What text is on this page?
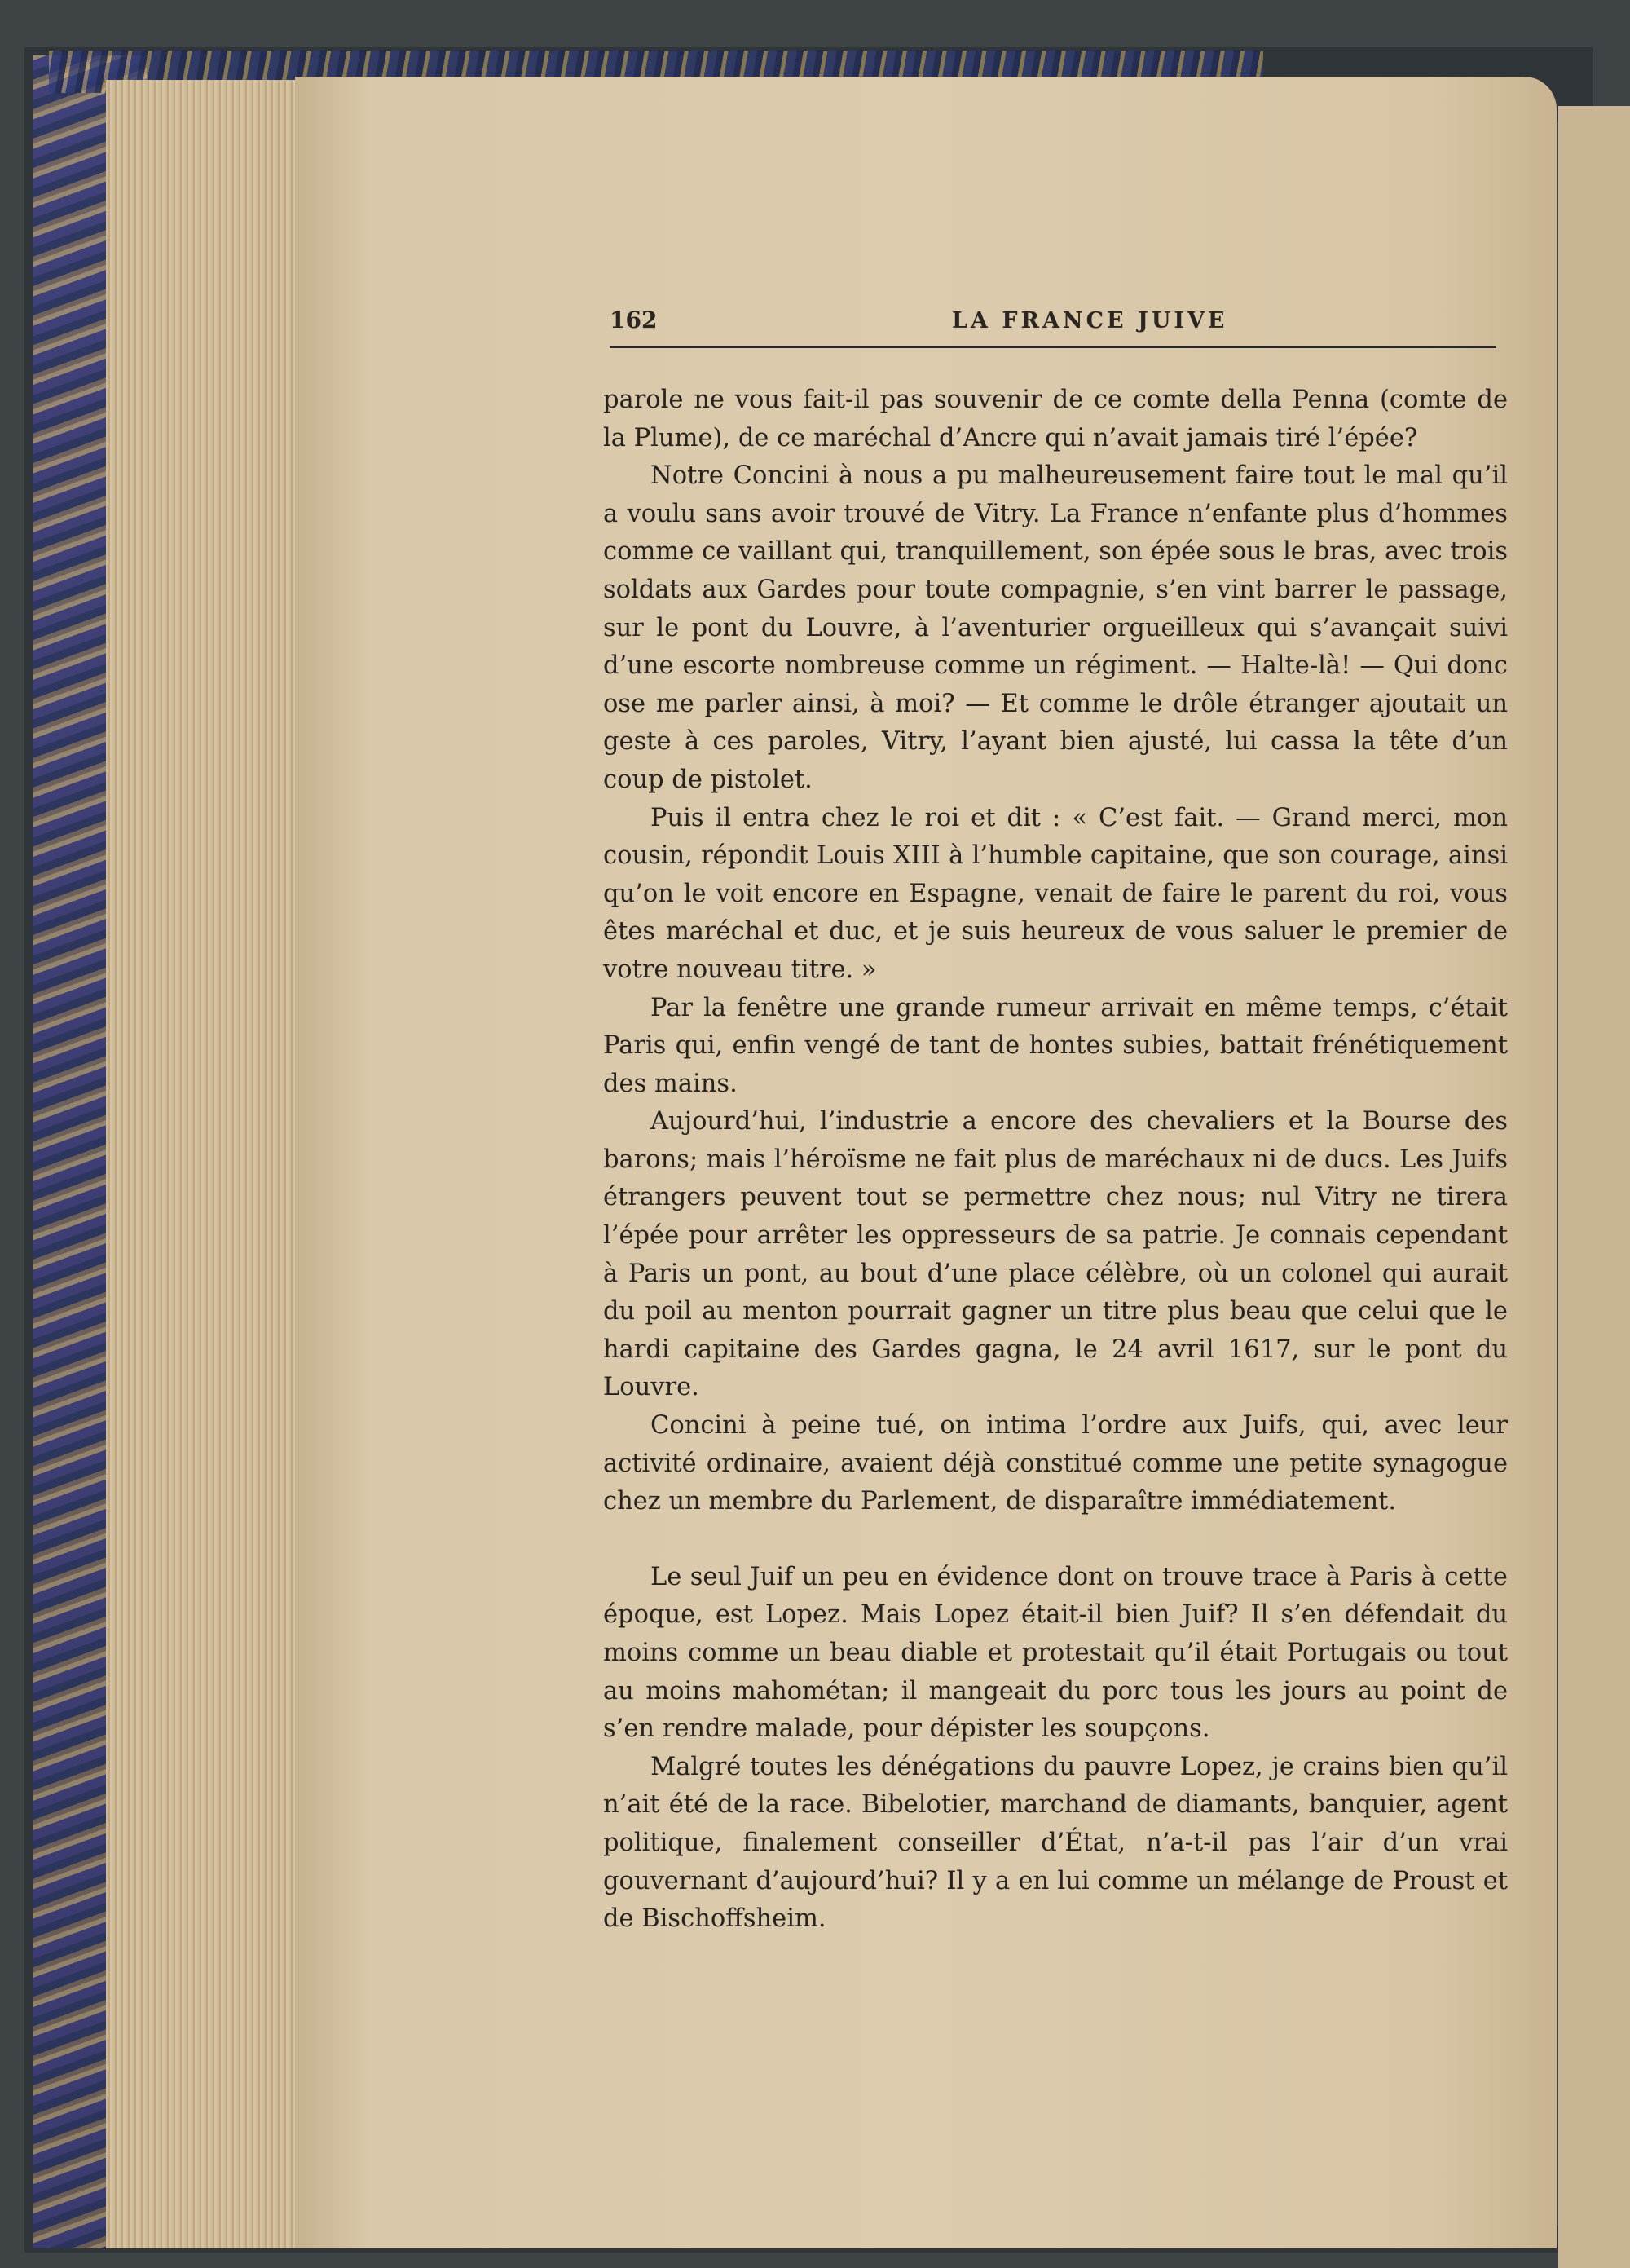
162	LA FRANCE JUIVE

parole ne vous fait-il pas souvenir de ce comte della Penna (comte de la Plume), de ce maréchal d’Ancre qui n’avait jamais tiré l’épée?

Notre Concini à nous a pu malheureusement faire tout le mal qu’il a voulu sans avoir trouvé de Vitry. La France n’enfante plus d’hommes comme ce vaillant qui, tranquillement, son épée sous le bras, avec trois soldats aux Gardes pour toute compagnie, s’en vint barrer le passage, sur le pont du Louvre, à l’aventurier orgueilleux qui s’avançait suivi d’une escorte nombreuse comme un régiment. — Halte-là! — Qui donc ose me parler ainsi, à moi? — Et comme le drôle étranger ajoutait un geste à ces paroles, Vitry, l’ayant bien ajusté, lui cassa la tête d’un coup de pistolet.

Puis il entra chez le roi et dit : « C’est fait. — Grand merci, mon cousin, répondit Louis XIII à l’humble capitaine, que son courage, ainsi qu’on le voit encore en Espagne, venait de faire le parent du roi, vous êtes maréchal et duc, et je suis heureux de vous saluer le premier de votre nouveau titre. »

Par la fenêtre une grande rumeur arrivait en même temps, c’était Paris qui, enfin vengé de tant de hontes subies, battait frénétiquement des mains.

Aujourd’hui, l’industrie a encore des chevaliers et la Bourse des barons; mais l’héroïsme ne fait plus de maréchaux ni de ducs. Les Juifs étrangers peuvent tout se permettre chez nous; nul Vitry ne tirera l’épée pour arrêter les oppresseurs de sa patrie. Je connais cependant à Paris un pont, au bout d’une place célèbre, où un colonel qui aurait du poil au menton pourrait gagner un titre plus beau que celui que le hardi capitaine des Gardes gagna, le 24 avril 1617, sur le pont du Louvre.

Concini à peine tué, on intima l’ordre aux Juifs, qui, avec leur activité ordinaire, avaient déjà constitué comme une petite synagogue chez un membre du Parlement, de disparaître immédiatement.

Le seul Juif un peu en évidence dont on trouve trace à Paris à cette époque, est Lopez. Mais Lopez était-il bien Juif? Il s’en défendait du moins comme un beau diable et protestait qu’il était Portugais ou tout au moins mahométan; il mangeait du porc tous les jours au point de s’en rendre malade, pour dépister les soupçons.

Malgré toutes les dénégations du pauvre Lopez, je crains bien qu’il n’ait été de la race. Bibelotier, marchand de diamants, banquier, agent politique, finalement conseiller d’État, n’a-t-il pas l’air d’un vrai gouvernant d’aujourd’hui? Il y a en lui comme un mélange de Proust et de Bischoffsheim.
